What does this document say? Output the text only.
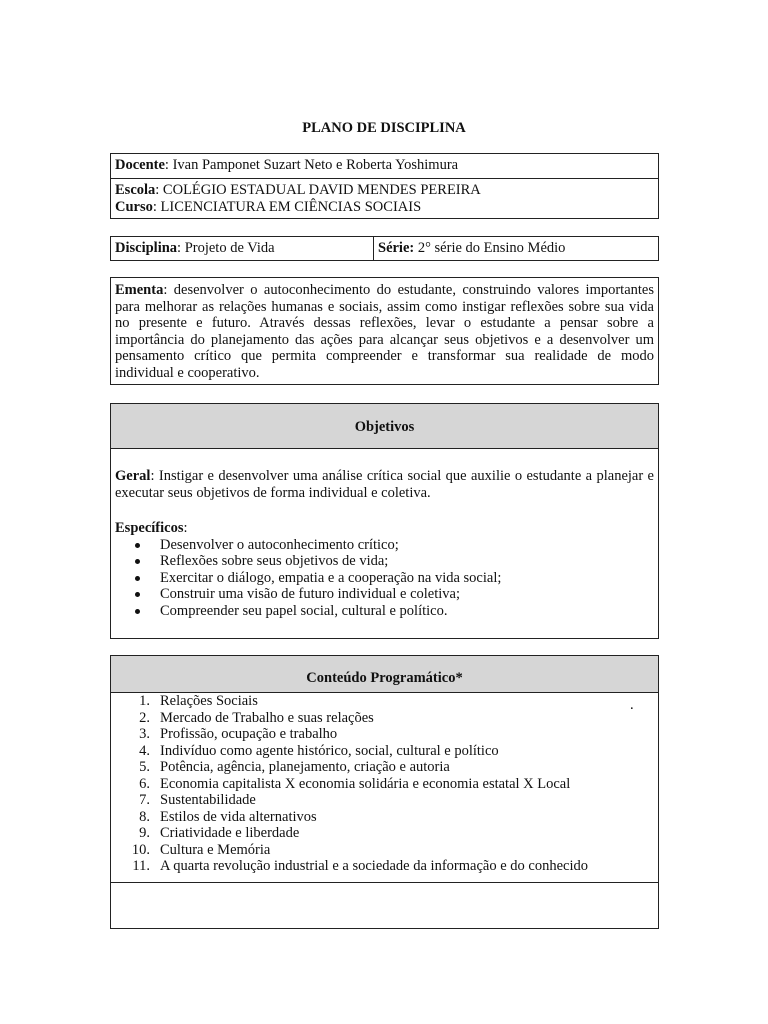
PLANO DE DISCIPLINA
Docente: Ivan Pamponet Suzart Neto e Roberta Yoshimura
Escola: COLÉGIO ESTADUAL DAVID MENDES PEREIRA
Curso: LICENCIATURA EM CIÊNCIAS SOCIAIS
Disciplina: Projeto de Vida	Série: 2° série do Ensino Médio
Ementa: desenvolver o autoconhecimento do estudante, construindo valores importantes para melhorar as relações humanas e sociais, assim como instigar reflexões sobre sua vida no presente e futuro. Através dessas reflexões, levar o estudante a pensar sobre a importância do planejamento das ações para alcançar seus objetivos e a desenvolver um pensamento crítico que permita compreender e transformar sua realidade de modo individual e cooperativo.
Objetivos
Geral: Instigar e desenvolver uma análise crítica social que auxilie o estudante a planejar e executar seus objetivos de forma individual e coletiva.
Específicos:
Desenvolver o autoconhecimento crítico;
Reflexões sobre seus objetivos de vida;
Exercitar o diálogo, empatia e a cooperação na vida social;
Construir uma visão de futuro individual e coletiva;
Compreender seu papel social, cultural e político.
Conteúdo Programático*
.
1. Relações Sociais
2. Mercado de Trabalho e suas relações
3. Profissão, ocupação e trabalho
4. Indivíduo como agente histórico, social, cultural e político
5. Potência, agência, planejamento, criação e autoria
6. Economia capitalista X economia solidária e economia estatal X Local
7. Sustentabilidade
8. Estilos de vida alternativos
9. Criatividade e liberdade
10. Cultura e Memória
11. A quarta revolução industrial e a sociedade da informação e do conhecido
